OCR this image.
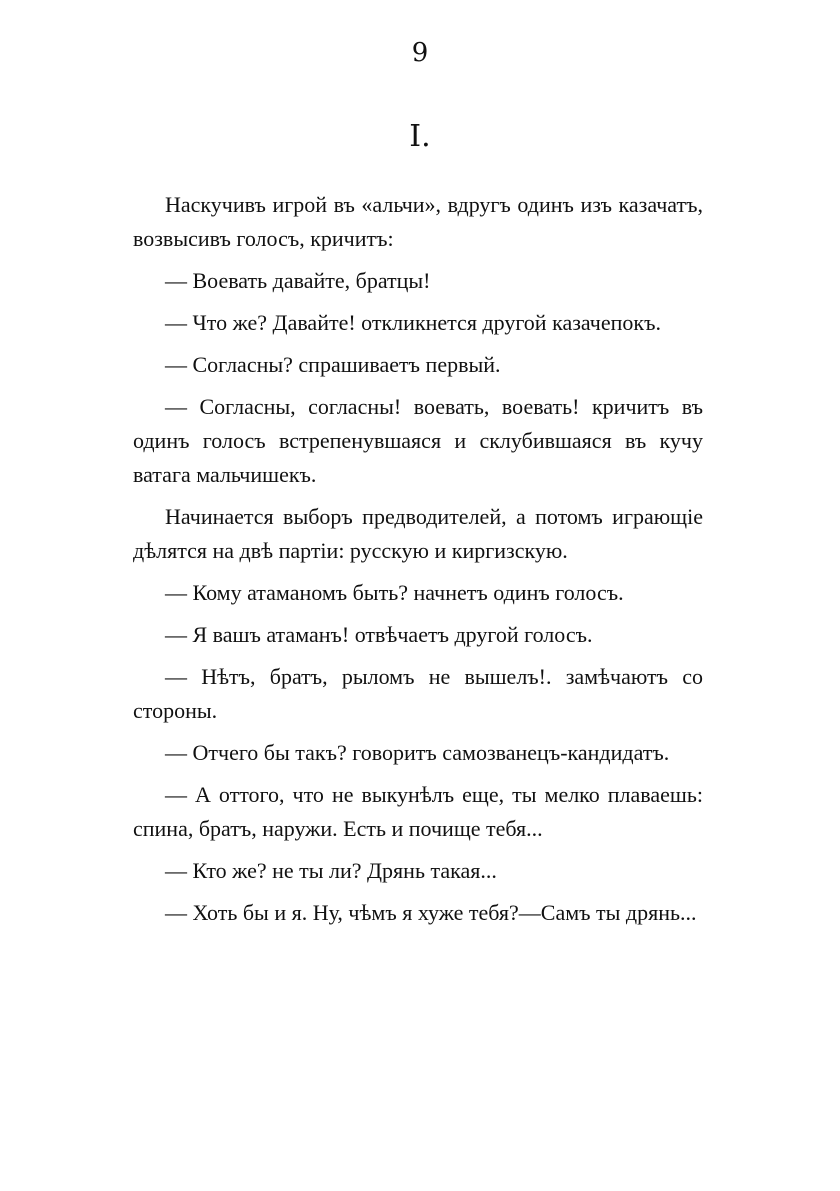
9
I.

Наскучивъ игрой въ «альчи», вдругъ одинъ изъ казачатъ, возвысивъ голосъ, кричитъ:

— Воевать давайте, братцы!

— Что же? Давайте! откликнется другой казачепокъ.

— Согласны? спрашиваетъ первый.

— Согласны, согласны! воевать, воевать! кричитъ въ одинъ голосъ встрепенувшаяся и склубившаяся въ кучу ватага мальчишекъ.

Начинается выборъ предводителей, а потомъ играющіе дѣлятся на двѣ партіи: русскую и киргизскую.

— Кому атаманомъ быть? начнетъ одинъ голосъ.

— Я вашъ атаманъ! отвѣчаетъ другой голосъ.

— Нѣтъ, братъ, рыломъ не вышелъ!. замѣчаютъ со стороны.

— Отчего бы такъ? говоритъ самозванецъ-кандидатъ.

— А оттого, что не выкунѣлъ еще, ты мелко плаваешь: спина, братъ, наружи. Есть и почище тебя...

— Кто же? не ты ли? Дрянь такая...

— Хоть бы и я. Ну, чѣмъ я хуже тебя?—Самъ ты дрянь...
